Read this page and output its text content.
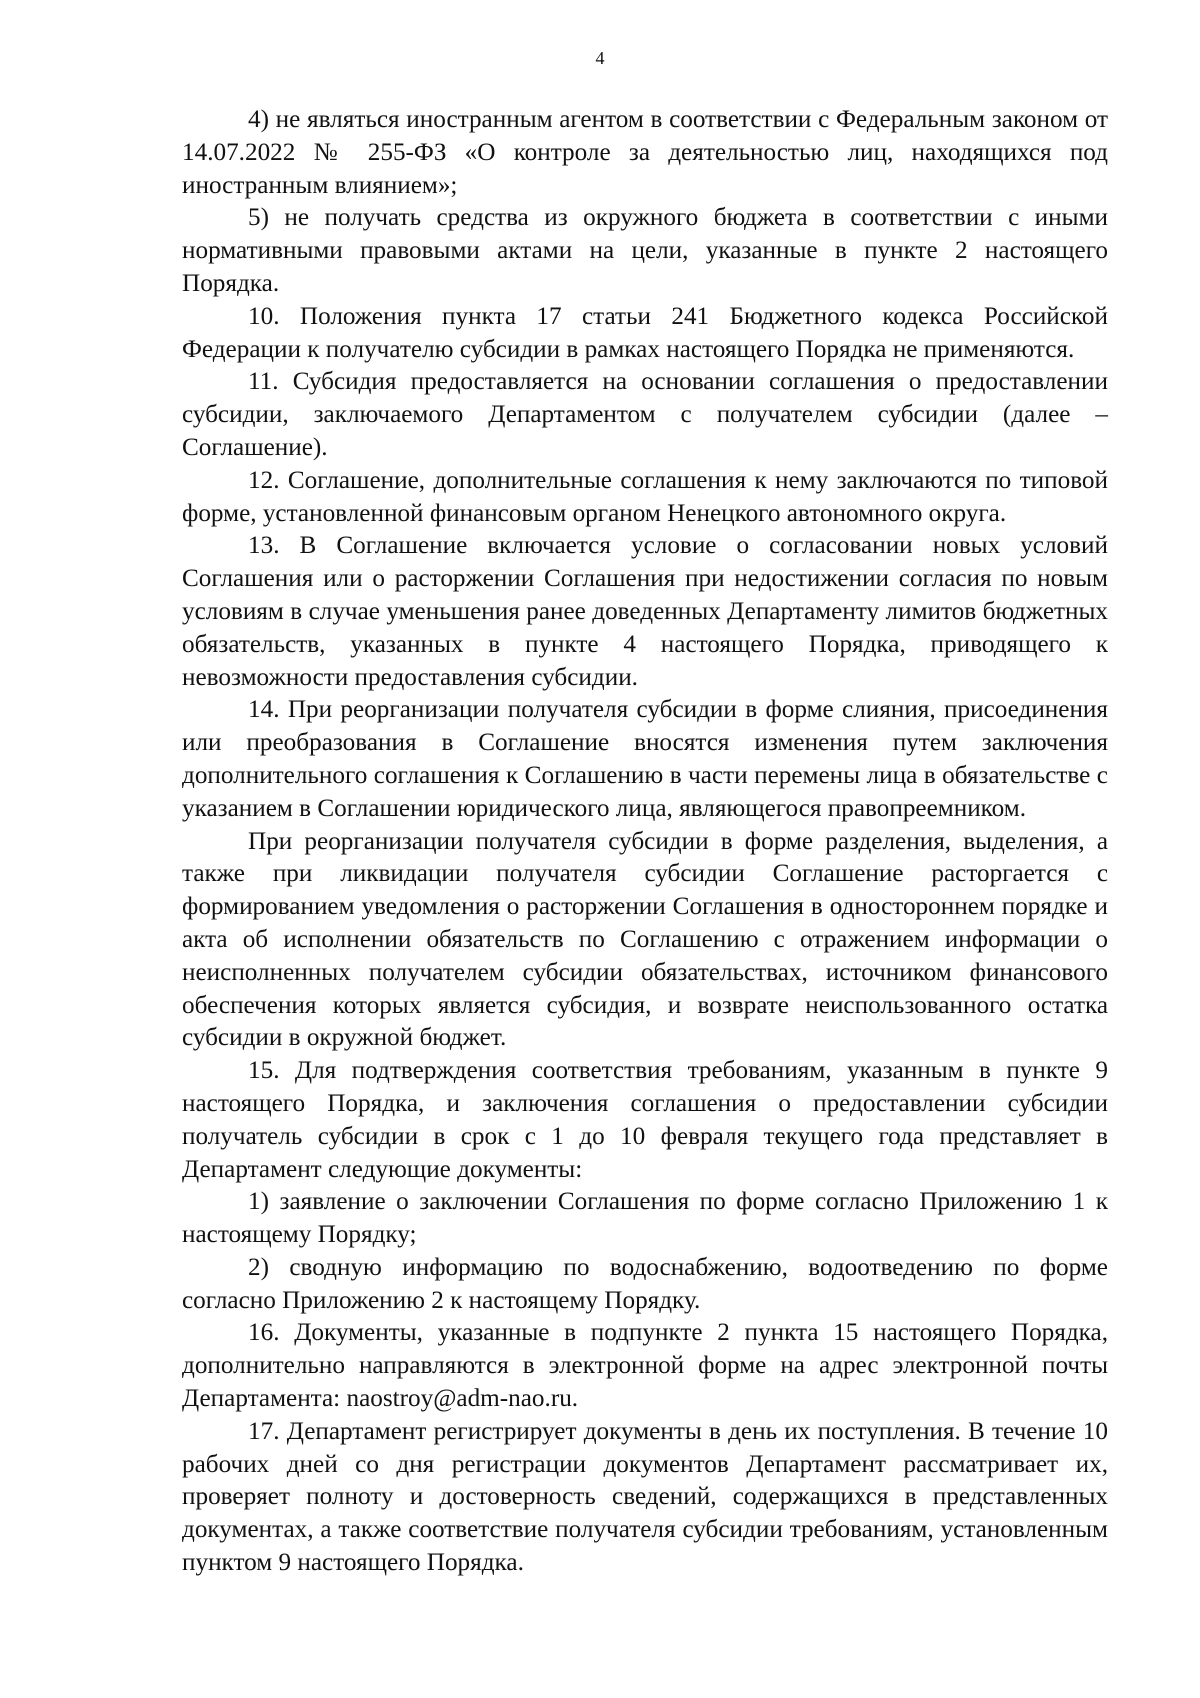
4

4) не являться иностранным агентом в соответствии с Федеральным законом от 14.07.2022 № 255-ФЗ «О контроле за деятельностью лиц, находящихся под иностранным влиянием»;

5) не получать средства из окружного бюджета в соответствии с иными нормативными правовыми актами на цели, указанные в пункте 2 настоящего Порядка.

10. Положения пункта 17 статьи 241 Бюджетного кодекса Российской Федерации к получателю субсидии в рамках настоящего Порядка не применяются.

11. Субсидия предоставляется на основании соглашения о предоставлении субсидии, заключаемого Департаментом с получателем субсидии (далее – Соглашение).

12. Соглашение, дополнительные соглашения к нему заключаются по типовой форме, установленной финансовым органом Ненецкого автономного округа.

13. В Соглашение включается условие о согласовании новых условий Соглашения или о расторжении Соглашения при недостижении согласия по новым условиям в случае уменьшения ранее доведенных Департаменту лимитов бюджетных обязательств, указанных в пункте 4 настоящего Порядка, приводящего к невозможности предоставления субсидии.

14. При реорганизации получателя субсидии в форме слияния, присоединения или преобразования в Соглашение вносятся изменения путем заключения дополнительного соглашения к Соглашению в части перемены лица в обязательстве с указанием в Соглашении юридического лица, являющегося правопреемником.

При реорганизации получателя субсидии в форме разделения, выделения, а также при ликвидации получателя субсидии Соглашение расторгается с формированием уведомления о расторжении Соглашения в одностороннем порядке и акта об исполнении обязательств по Соглашению с отражением информации о неисполненных получателем субсидии обязательствах, источником финансового обеспечения которых является субсидия, и возврате неиспользованного остатка субсидии в окружной бюджет.

15. Для подтверждения соответствия требованиям, указанным в пункте 9 настоящего Порядка, и заключения соглашения о предоставлении субсидии получатель субсидии в срок с 1 до 10 февраля текущего года представляет в Департамент следующие документы:

1) заявление о заключении Соглашения по форме согласно Приложению 1 к настоящему Порядку;

2) сводную информацию по водоснабжению, водоотведению по форме согласно Приложению 2 к настоящему Порядку.

16. Документы, указанные в подпункте 2 пункта 15 настоящего Порядка, дополнительно направляются в электронной форме на адрес электронной почты Департамента: naostroy@adm-nao.ru.

17. Департамент регистрирует документы в день их поступления. В течение 10 рабочих дней со дня регистрации документов Департамент рассматривает их, проверяет полноту и достоверность сведений, содержащихся в представленных документах, а также соответствие получателя субсидии требованиям, установленным пунктом 9 настоящего Порядка.
